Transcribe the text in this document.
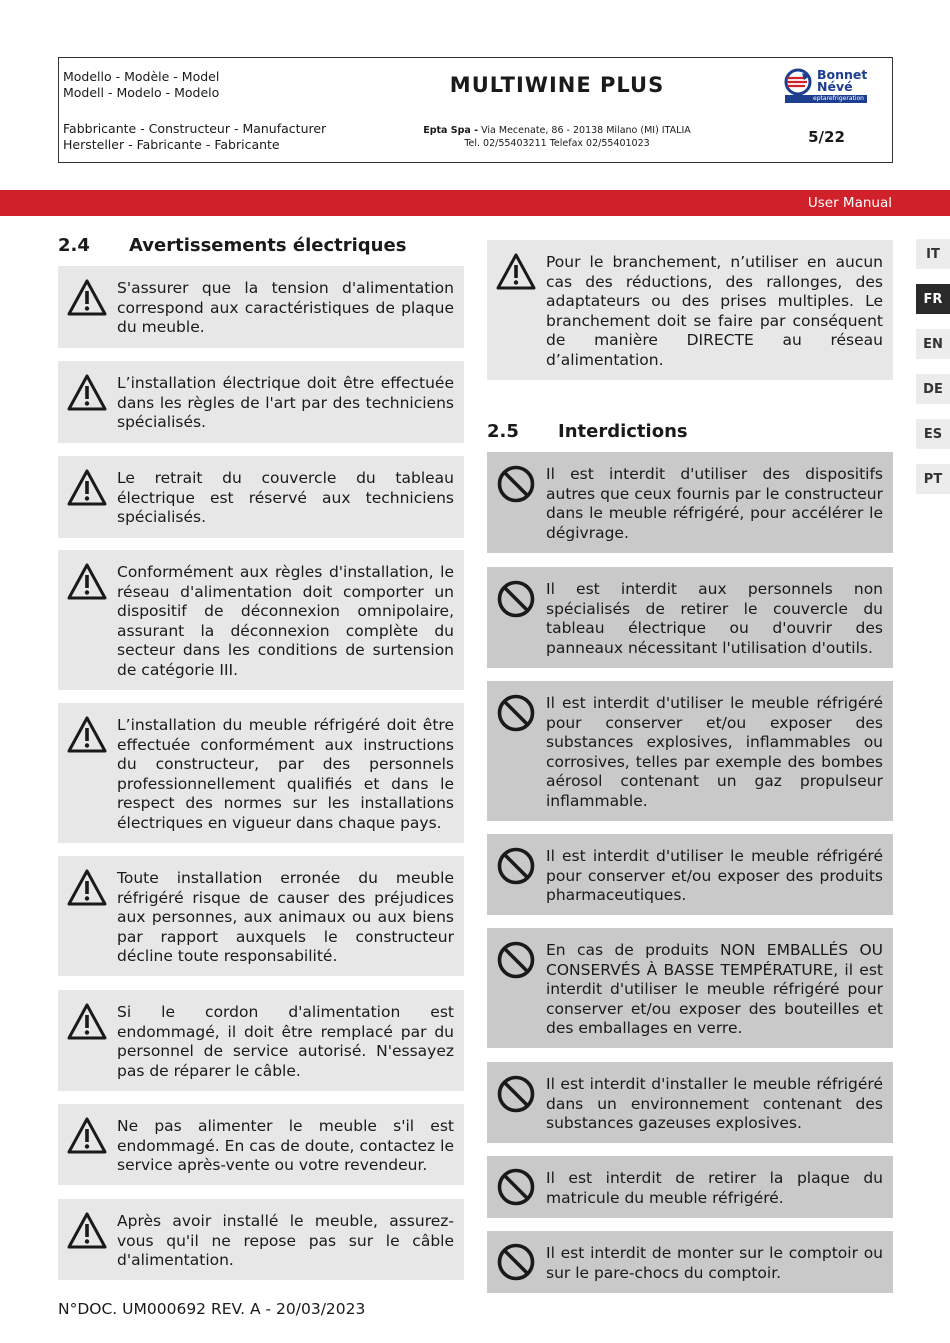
Modello - Modèle - Model
Modell - Modelo - Modelo	MULTIWINE PLUS	Bonnet
Névé
eptarefrigeration
Fabbricante - Constructeur - Manufacturer
Hersteller - Fabricante - Fabricante
Epta Spa - Via Mecenate, 86 - 20138 Milano (MI) ITALIA
Tel. 02/55403211 Telefax 02/55401023	5/22
User Manual
IT
FR
EN
DE
ES
PT
2.4 Avertissements électriques
S'assurer que la tension d'alimentation correspond aux caractéristiques de plaque du meuble.
L’installation électrique doit être effectuée dans les règles de l'art par des techniciens spécialisés.
Le retrait du couvercle du tableau électrique est réservé aux techniciens spécialisés.
Conformément aux règles d'installation, le réseau d'alimentation doit comporter un dispositif de déconnexion omnipolaire, assurant la déconnexion complète du secteur dans les conditions de surtension de catégorie III.
L’installation du meuble réfrigéré doit être effectuée conformément aux instructions du constructeur, par des personnels professionnellement qualifiés et dans le respect des normes sur les installations électriques en vigueur dans chaque pays.
Toute installation erronée du meuble réfrigéré risque de causer des préjudices aux personnes, aux animaux ou aux biens par rapport auxquels le constructeur décline toute responsabilité.
Si le cordon d'alimentation est endommagé, il doit être remplacé par du personnel de service autorisé. N'essayez pas de réparer le câble.
Ne pas alimenter le meuble s'il est endommagé. En cas de doute, contactez le service après-vente ou votre revendeur.
Après avoir installé le meuble, assurez-vous qu'il ne repose pas sur le câble d'alimentation.
Pour le branchement, n’utiliser en aucun cas des réductions, des rallonges, des adaptateurs ou des prises multiples. Le branchement doit se faire par conséquent de manière DIRECTE au réseau d’alimentation.
2.5 Interdictions
Il est interdit d'utiliser des dispositifs autres que ceux fournis par le constructeur dans le meuble réfrigéré, pour accélérer le dégivrage.
Il est interdit aux personnels non spécialisés de retirer le couvercle du tableau électrique ou d'ouvrir des panneaux nécessitant l'utilisation d'outils.
Il est interdit d'utiliser le meuble réfrigéré pour conserver et/ou exposer des substances explosives, inflammables ou corrosives, telles par exemple des bombes aérosol contenant un gaz propulseur inflammable.
Il est interdit d'utiliser le meuble réfrigéré pour conserver et/ou exposer des produits pharmaceutiques.
En cas de produits NON EMBALLÉS OU CONSERVÉS À BASSE TEMPÉRATURE, il est interdit d'utiliser le meuble réfrigéré pour conserver et/ou exposer des bouteilles et des emballages en verre.
Il est interdit d'installer le meuble réfrigéré dans un environnement contenant des substances gazeuses explosives.
Il est interdit de retirer la plaque du matricule du meuble réfrigéré.
Il est interdit de monter sur le comptoir ou sur le pare-chocs du comptoir.
N°DOC. UM000692 REV. A - 20/03/2023
